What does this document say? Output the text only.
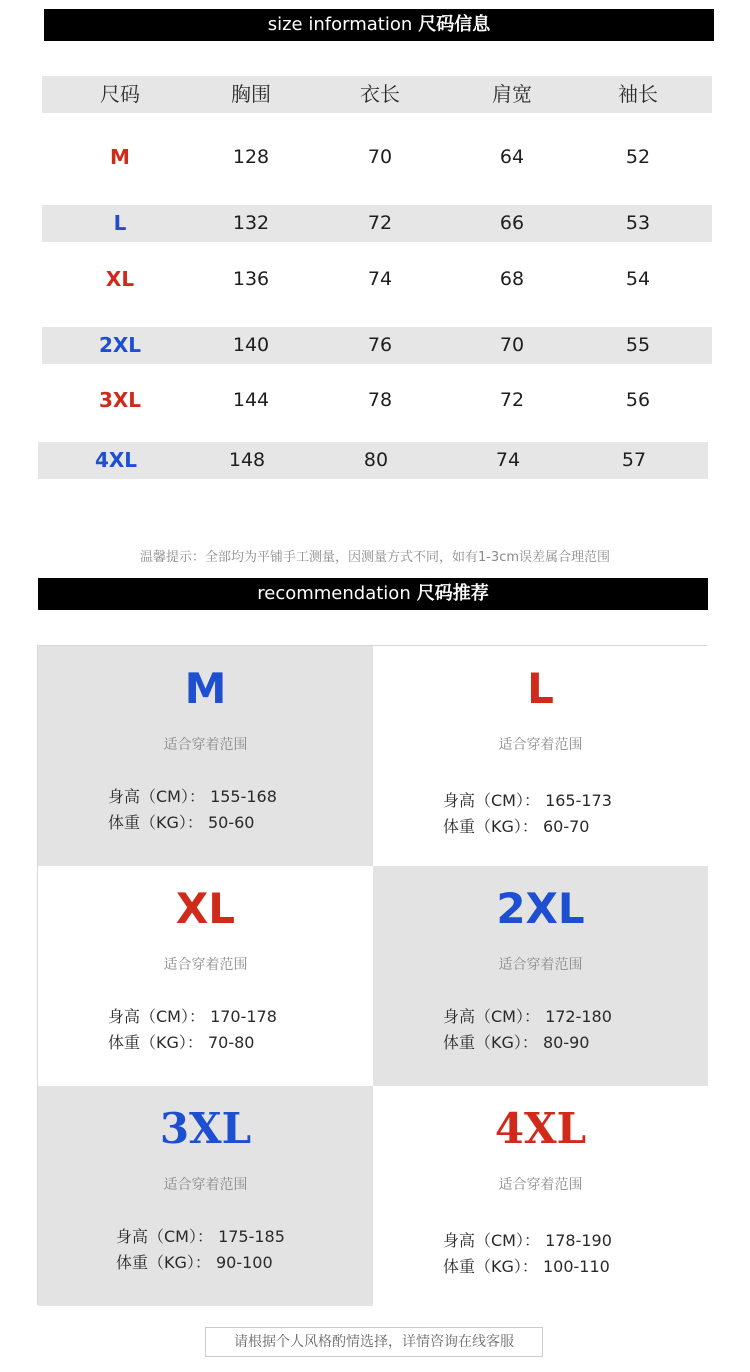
size information 尺码信息
尺码	胸围	衣长	肩宽	袖长
M	128	70	64	52
L	132	72	66	53
XL	136	74	68	54
2XL	140	76	70	55
3XL	144	78	72	56
4XL	148	80	74	57
温馨提示：全部均为平铺手工测量，因测量方式不同，如有1-3cm误差属合理范围
recommendation 尺码推荐
M
适合穿着范围
身高（CM）： 155-168
体重（KG）： 50-60
L
适合穿着范围
身高（CM）： 165-173
体重（KG）： 60-70
XL
适合穿着范围
身高（CM）： 170-178
体重（KG）： 70-80
2XL
适合穿着范围
身高（CM）： 172-180
体重（KG）： 80-90
3XL
适合穿着范围
身高（CM）： 175-185
体重（KG）： 90-100
4XL
适合穿着范围
身高（CM）： 178-190
体重（KG）： 100-110
请根据个人风格酌情选择，详情咨询在线客服
